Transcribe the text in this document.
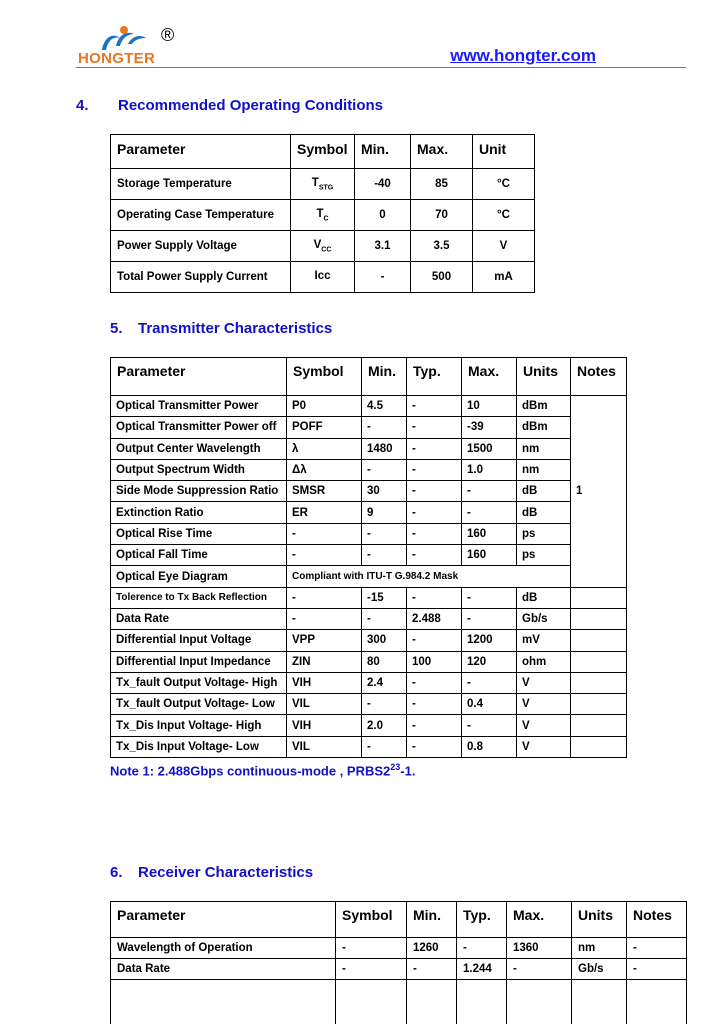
HONGTER
®
www.hongter.com
4. Recommended Operating Conditions
Parameter	Symbol	Min.	Max.	Unit
Storage Temperature	$T_{STG}$	-40	85	°C
Operating Case Temperature	$T_C$	0	70	°C
Power Supply Voltage	$V_{CC}$	3.1	3.5	V
Total Power Supply Current	Icc	-	500	mA
5. Transmitter Characteristics
Parameter	Symbol	Min.	Typ.	Max.	Units	Notes
Optical Transmitter Power	P0	4.5	-	10	dBm	1
Optical Transmitter Power off	POFF	-	-	-39	dBm	
Output Center Wavelength	λ	1480	-	1500	nm	
Output Spectrum Width	Δλ	-	-	1.0	nm	
Side Mode Suppression Ratio	SMSR	30	-	-	dB	
Extinction Ratio	ER	9	-	-	dB	
Optical Rise Time	-	-	-	160	ps	
Optical Fall Time	-	-	-	160	ps	
Optical Eye Diagram	Compliant with ITU-T G.984.2 Mask					
Tolerence to Tx Back Reflection	-	-15	-	-	dB	
Data Rate	-	-	2.488	-	Gb/s	
Differential Input Voltage	VPP	300	-	1200	mV	
Differential Input Impedance	ZIN	80	100	120	ohm	
Tx_fault Output Voltage- High	VIH	2.4	-	-	V	
Tx_fault Output Voltage- Low	VIL	-	-	0.4	V	
Tx_Dis Input Voltage- High	VIH	2.0	-	-	V	
Tx_Dis Input Voltage- Low	VIL	-	-	0.8	V	
Note 1: 2.488Gbps continuous-mode , $PRBS2^{23}-1$.
6. Receiver Characteristics
Parameter	Symbol	Min.	Typ.	Max.	Units	Notes
Wavelength of Operation	-	1260	-	1360	nm	-
Data Rate	-	-	1.244	-	Gb/s	-
